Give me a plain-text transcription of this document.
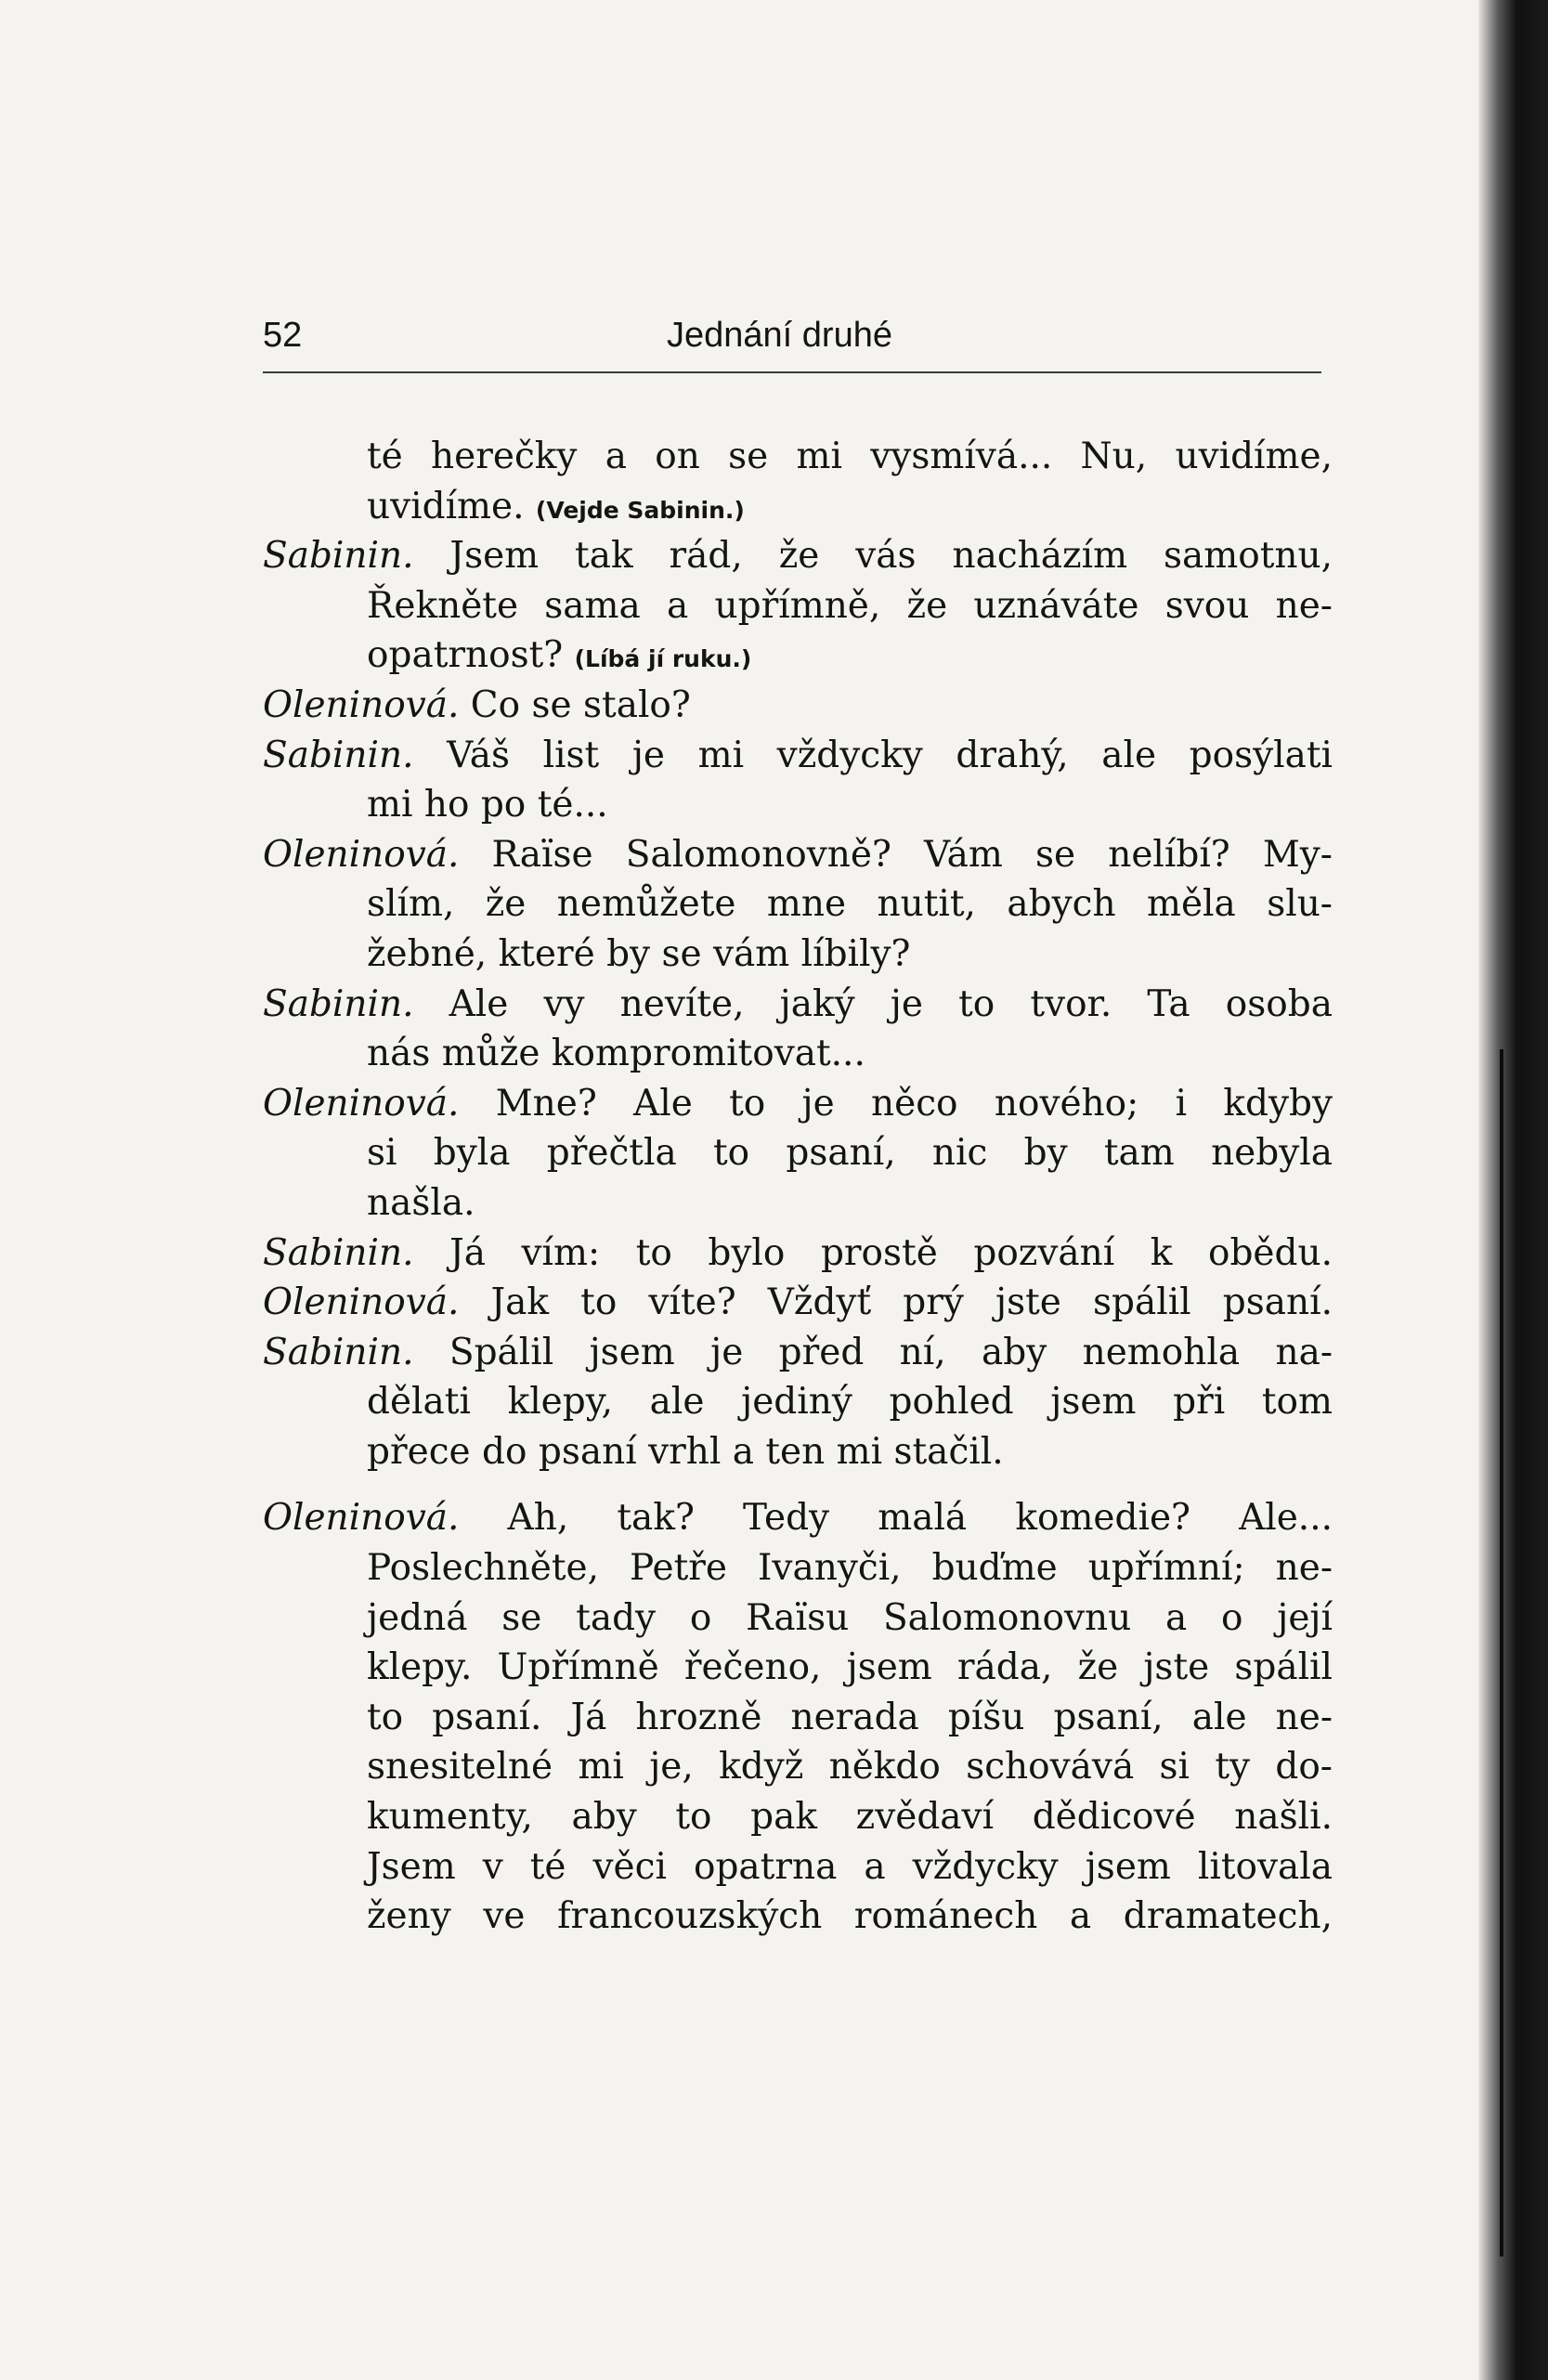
52	Jednání druhé
té herečky a on se mi vysmívá... Nu, uvidíme,
uvidíme. (Vejde Sabinin.)
Sabinin. Jsem tak rád, že vás nacházím samotnu,
Řekněte sama a upřímně, že uznáváte svou ne-
opatrnost? (Líbá jí ruku.)
Oleninová. Co se stalo?
Sabinin. Váš list je mi vždycky drahý, ale posýlati
mi ho po té...
Oleninová. Raïse Salomonovně? Vám se nelíbí? My-
slím, že nemůžete mne nutit, abych měla slu-
žebné, které by se vám líbily?
Sabinin. Ale vy nevíte, jaký je to tvor. Ta osoba
nás může kompromitovat...
Oleninová. Mne? Ale to je něco nového; i kdyby
si byla přečtla to psaní, nic by tam nebyla
našla.
Sabinin. Já vím: to bylo prostě pozvání k obědu.
Oleninová. Jak to víte? Vždyť prý jste spálil psaní.
Sabinin. Spálil jsem je před ní, aby nemohla na-
dělati klepy, ale jediný pohled jsem při tom
přece do psaní vrhl a ten mi stačil.
Oleninová. Ah, tak? Tedy malá komedie? Ale...
Poslechněte, Petře Ivanyči, buďme upřímní; ne-
jedná se tady o Raïsu Salomonovnu a o její
klepy. Upřímně řečeno, jsem ráda, že jste spálil
to psaní. Já hrozně nerada píšu psaní, ale ne-
snesitelné mi je, když někdo schovává si ty do-
kumenty, aby to pak zvědaví dědicové našli.
Jsem v té věci opatrna a vždycky jsem litovala
ženy ve francouzských románech a dramatech,
